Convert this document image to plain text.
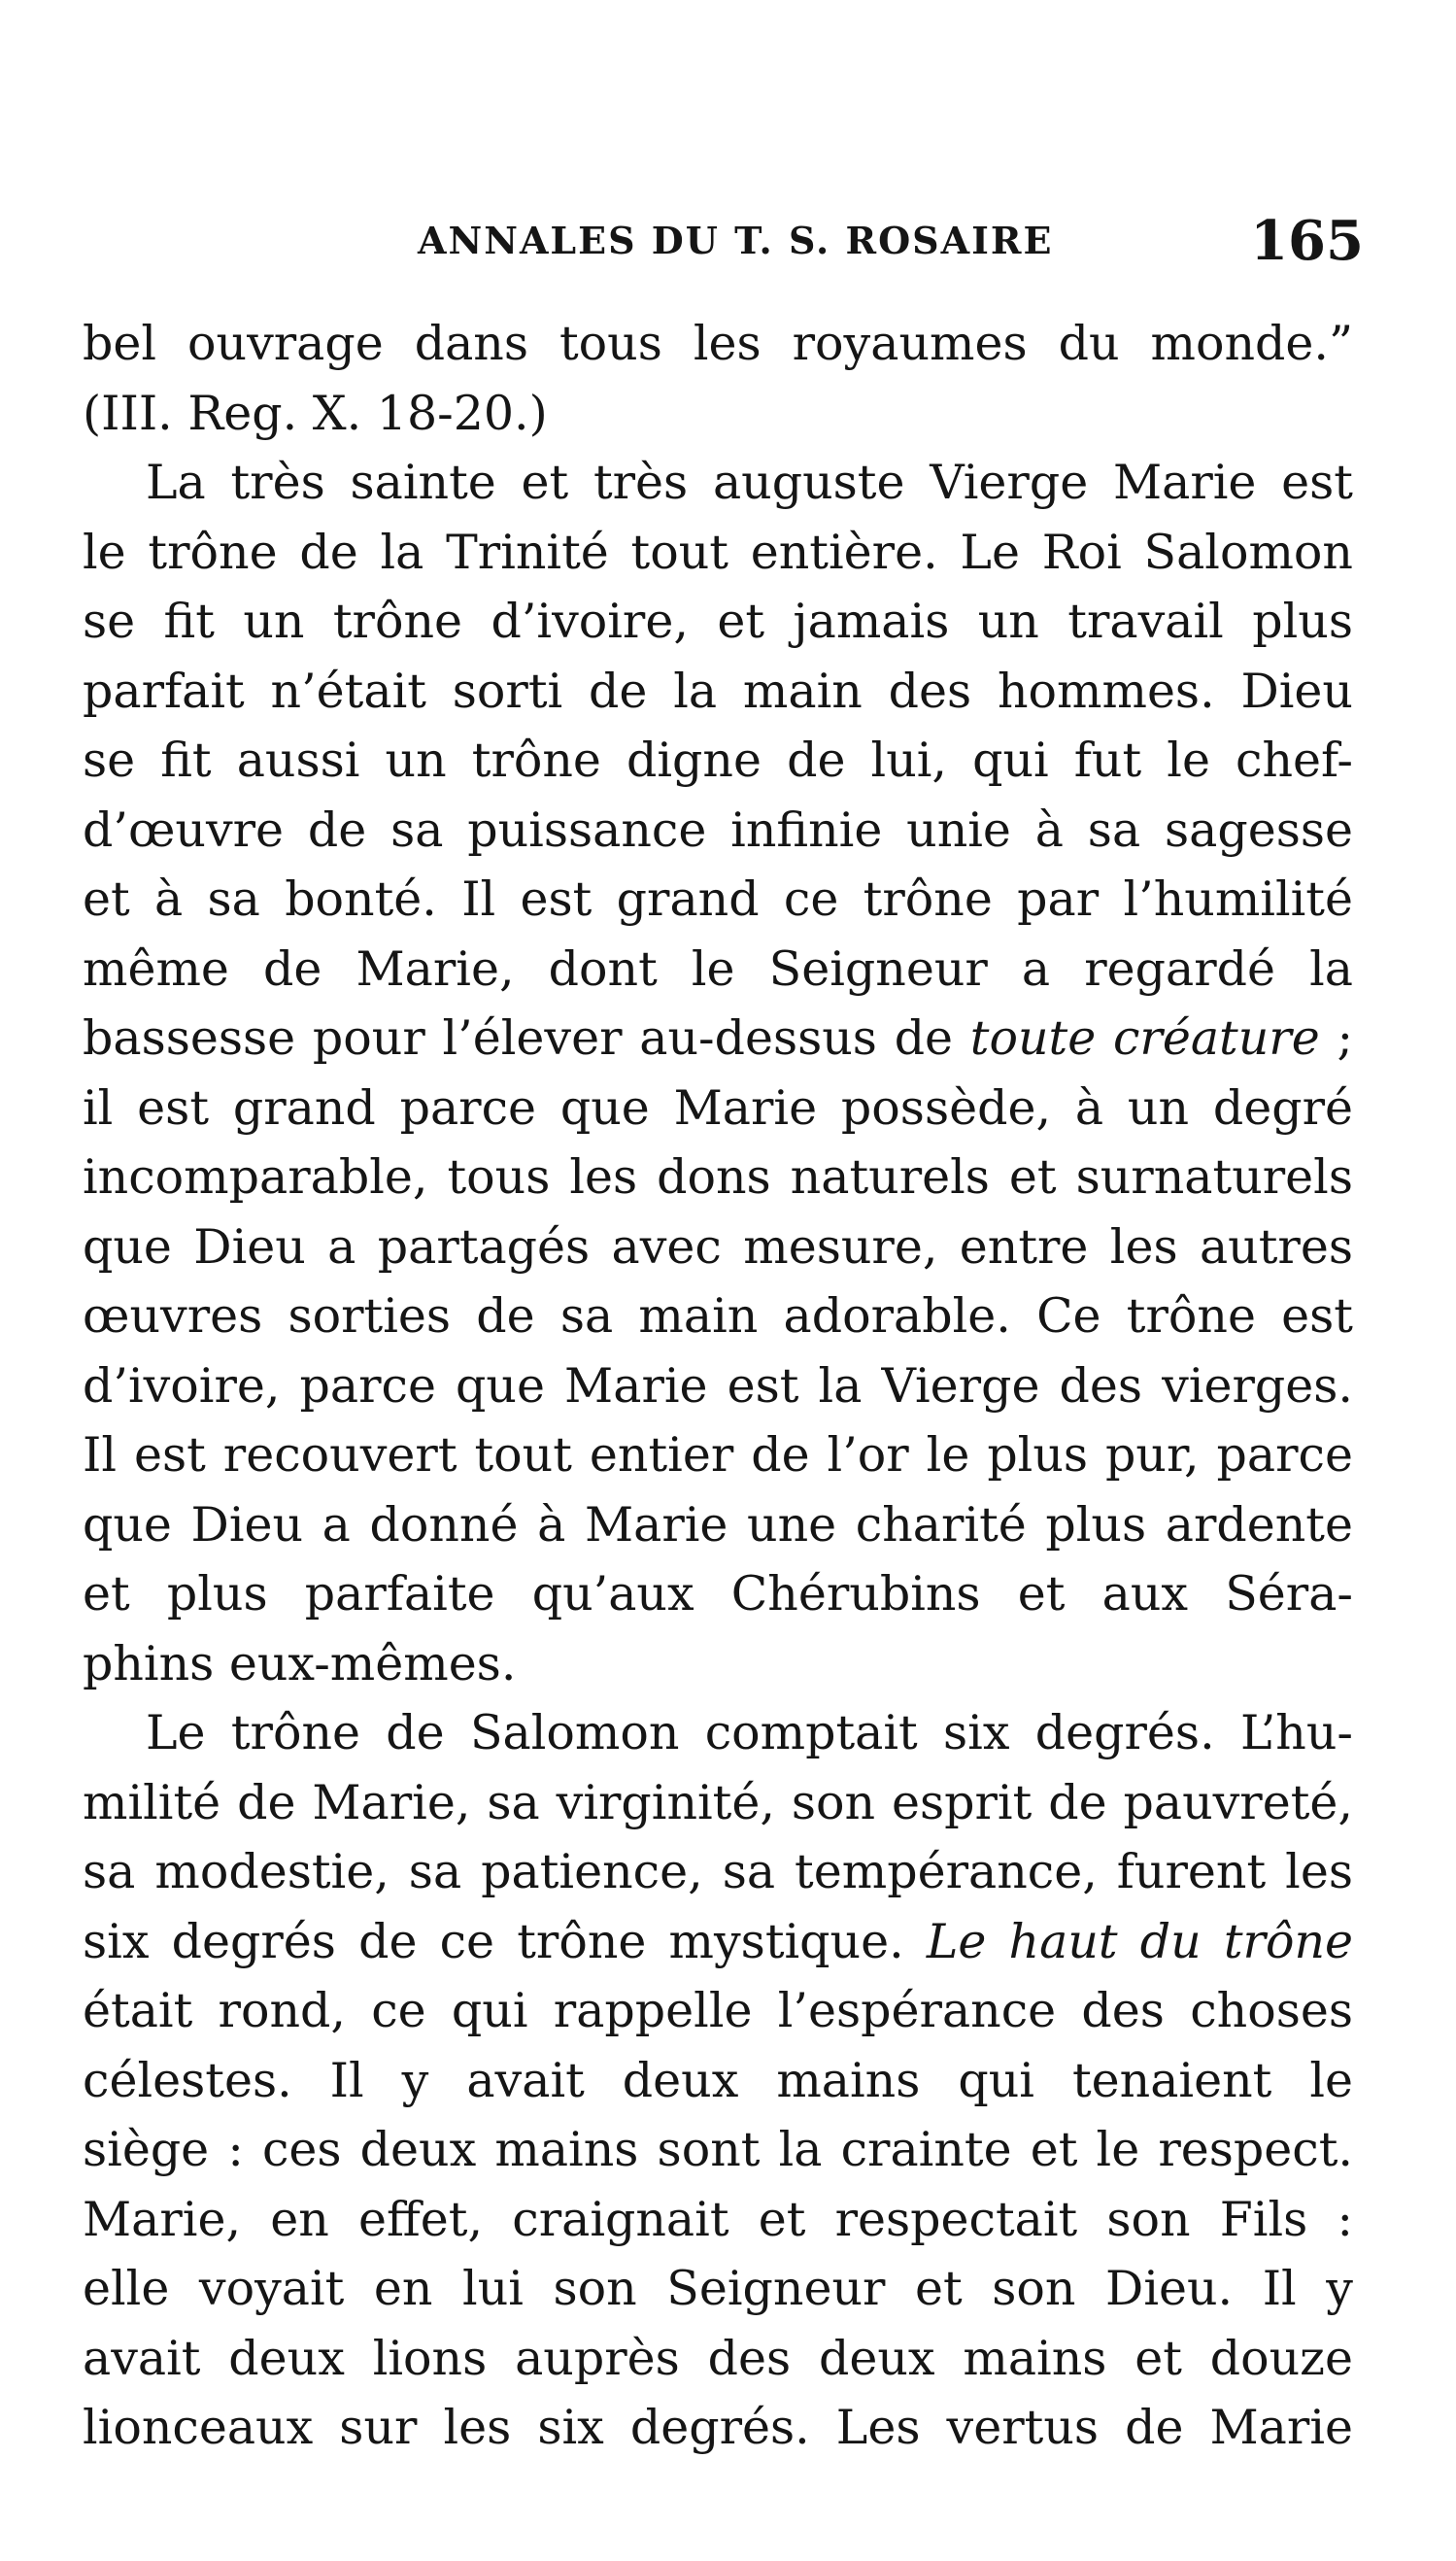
ANNALES DU T. S. ROSAIRE	165
bel ouvrage dans tous les royaumes du monde.”
(III. Reg. X. 18-20.)
La très sainte et très auguste Vierge Marie est
le trône de la Trinité tout entière. Le Roi Salomon
se fit un trône d’ivoire, et jamais un travail plus
parfait n’était sorti de la main des hommes. Dieu
se fit aussi un trône digne de lui, qui fut le chef-
d’œuvre de sa puissance infinie unie à sa sagesse
et à sa bonté. Il est grand ce trône par l’humilité
même de Marie, dont le Seigneur a regardé la
bassesse pour l’élever au-dessus de toute créature ;
il est grand parce que Marie possède, à un degré
incomparable, tous les dons naturels et surnaturels
que Dieu a partagés avec mesure, entre les autres
œuvres sorties de sa main adorable. Ce trône est
d’ivoire, parce que Marie est la Vierge des vierges.
Il est recouvert tout entier de l’or le plus pur, parce
que Dieu a donné à Marie une charité plus ardente
et plus parfaite qu’aux Chérubins et aux Séra-
phins eux-mêmes.
Le trône de Salomon comptait six degrés. L’hu-
milité de Marie, sa virginité, son esprit de pauvreté,
sa modestie, sa patience, sa tempérance, furent les
six degrés de ce trône mystique. Le haut du trône
était rond, ce qui rappelle l’espérance des choses
célestes. Il y avait deux mains qui tenaient le
siège : ces deux mains sont la crainte et le respect.
Marie, en effet, craignait et respectait son Fils :
elle voyait en lui son Seigneur et son Dieu. Il y
avait deux lions auprès des deux mains et douze
lionceaux sur les six degrés. Les vertus de Marie
